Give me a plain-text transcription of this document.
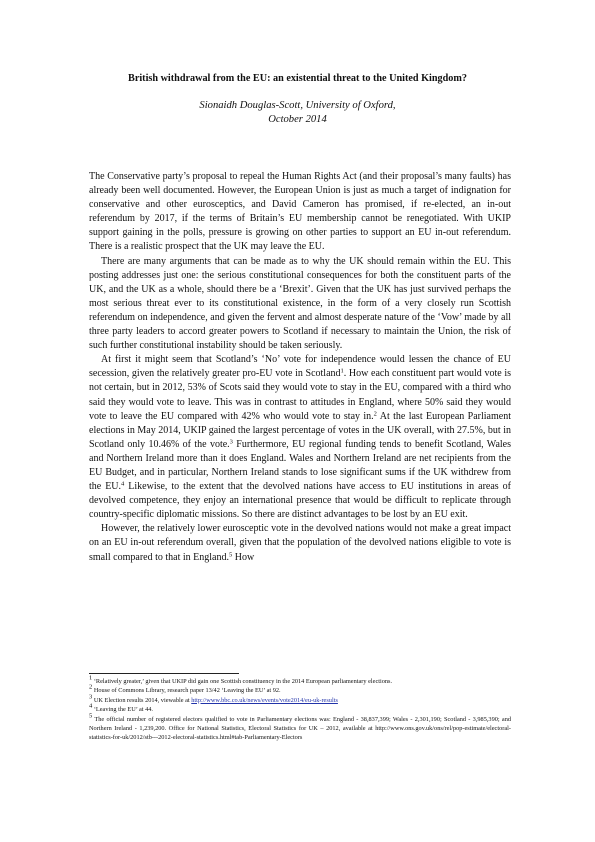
British withdrawal from the EU: an existential threat to the United Kingdom?
Sionaidh Douglas-Scott, University of Oxford,
October 2014

The Conservative party’s proposal to repeal the Human Rights Act (and their proposal’s many faults) has already been well documented. However, the European Union is just as much a target of indignation for conservative and other eurosceptics, and David Cameron has promised, if re-elected, an in-out referendum by 2017, if the terms of Britain’s EU membership cannot be renegotiated. With UKIP support gaining in the polls, pressure is growing on other parties to support an EU in-out referendum. There is a realistic prospect that the UK may leave the EU.

There are many arguments that can be made as to why the UK should remain within the EU. This posting addresses just one: the serious constitutional consequences for both the constituent parts of the UK, and the UK as a whole, should there be a ‘Brexit’. Given that the UK has just survived perhaps the most serious threat ever to its constitutional existence, in the form of a very closely run Scottish referendum on independence, and given the fervent and almost desperate nature of the ‘Vow’ made by all three party leaders to accord greater powers to Scotland if necessary to maintain the Union, the risk of such further constitutional instability should be taken seriously.

At first it might seem that Scotland’s ‘No’ vote for independence would lessen the chance of EU secession, given the relatively greater pro-EU vote in Scotland$^1$. How each constituent part would vote is not certain, but in 2012, 53% of Scots said they would vote to stay in the EU, compared with a third who said they would vote to leave. This was in contrast to attitudes in England, where 50% said they would vote to leave the EU compared with 42% who would vote to stay in.$^2$ At the last European Parliament elections in May 2014, UKIP gained the largest percentage of votes in the UK overall, with 27.5%, but in Scotland only 10.46% of the vote.$^3$ Furthermore, EU regional funding tends to benefit Scotland, Wales and Northern Ireland more than it does England. Wales and Northern Ireland are net recipients from the EU Budget, and in particular, Northern Ireland stands to lose significant sums if the UK withdrew from the EU.$^4$ Likewise, to the extent that the devolved nations have access to EU institutions in areas of devolved competence, they enjoy an international presence that would be difficult to replicate through country-specific diplomatic missions. So there are distinct advantages to be lost by an EU exit.

However, the relatively lower eurosceptic vote in the devolved nations would not make a great impact on an EU in-out referendum overall, given that the population of the devolved nations eligible to vote is small compared to that in England.$^5$ How

$^1$ ‘Relatively greater,’ given that UKIP did gain one Scottish constituency in the 2014 European parliamentary elections.

$^2$ House of Commons Library, research paper 13/42 ‘Leaving the EU’ at 92.

$^3$ UK Election results 2014, viewable at http://www.bbc.co.uk/news/events/vote2014/eu-uk-results

$^4$ ‘Leaving the EU’ at 44.

$^5$ The official number of registered electors qualified to vote in Parliamentary elections was: England - 38,837,399; Wales - 2,301,190; Scotland - 3,985,390; and Northern Ireland - 1,239,200. Office for National Statistics, Electoral Statistics for UK – 2012, available at http://www.ons.gov.uk/ons/rel/pop-estimate/electoral-statistics-for-uk/2012/stb---2012-electoral-statistics.html#tab-Parliamentary-Electors
